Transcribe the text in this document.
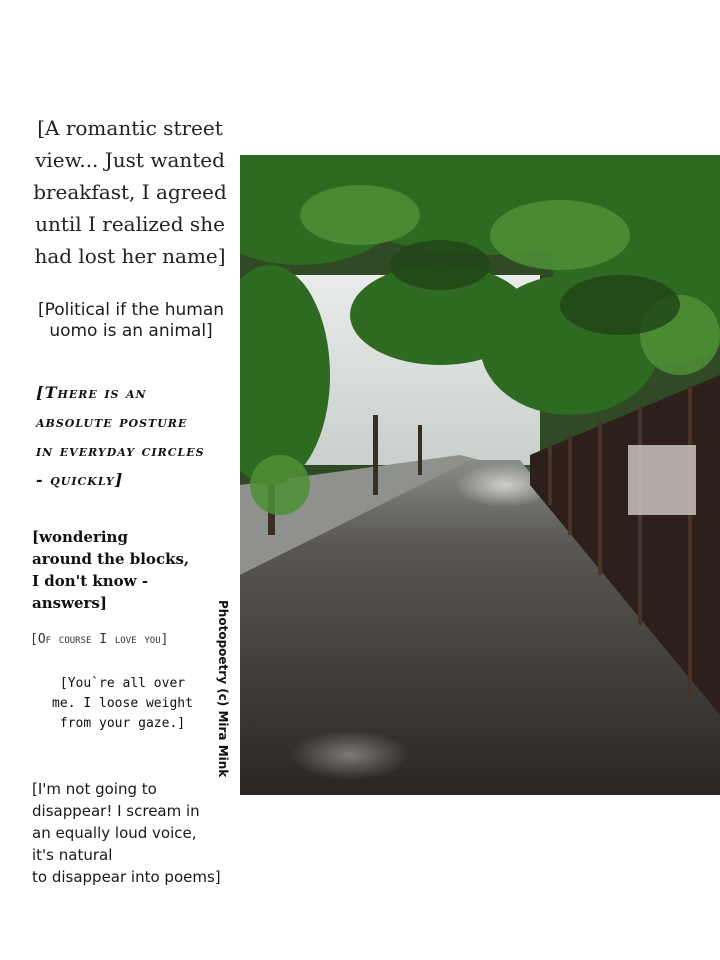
[A romantic street
view... Just wanted
breakfast, I agreed
until I realized she
had lost her name]

[Political if the human
uomo is an animal]

[There is an
absolute posture
in everyday circles
- quickly]

[wondering
around the blocks,
I don't know -
answers]

[Of course I love you]

[You`re all over
me. I loose weight
from your gaze.]

[I'm not going to
disappear! I scream in
an equally loud voice,
it's natural
to disappear into poems]

Photopoetry (c) Mira Mink
